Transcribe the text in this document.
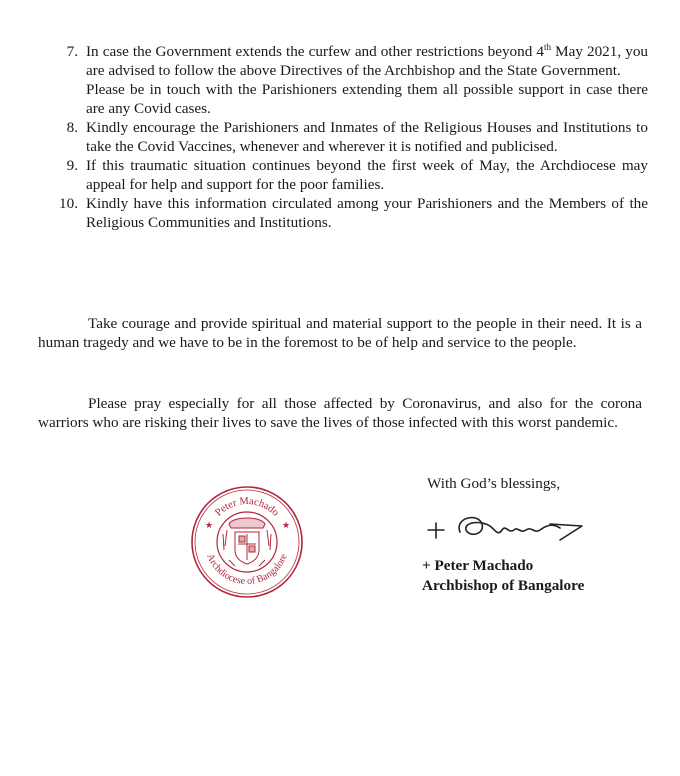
7. In case the Government extends the curfew and other restrictions beyond 4th May 2021, you are advised to follow the above Directives of the Archbishop and the State Government.
Please be in touch with the Parishioners extending them all possible support in case there are any Covid cases.
8. Kindly encourage the Parishioners and Inmates of the Religious Houses and Institutions to take the Covid Vaccines, whenever and wherever it is notified and publicised.
9. If this traumatic situation continues beyond the first week of May, the Archdiocese may appeal for help and support for the poor families.
10. Kindly have this information circulated among your Parishioners and the Members of the Religious Communities and Institutions.

Take courage and provide spiritual and material support to the people in their need. It is a human tragedy and we have to be in the foremost to be of help and service to the people.

Please pray especially for all those affected by Coronavirus, and also for the corona warriors who are risking their lives to save the lives of those infected with this worst pandemic.

With God’s blessings,
+ Peter Machado
Archbishop of Bangalore
Peter Machado
Archdiocese of Bangalore
★	★
